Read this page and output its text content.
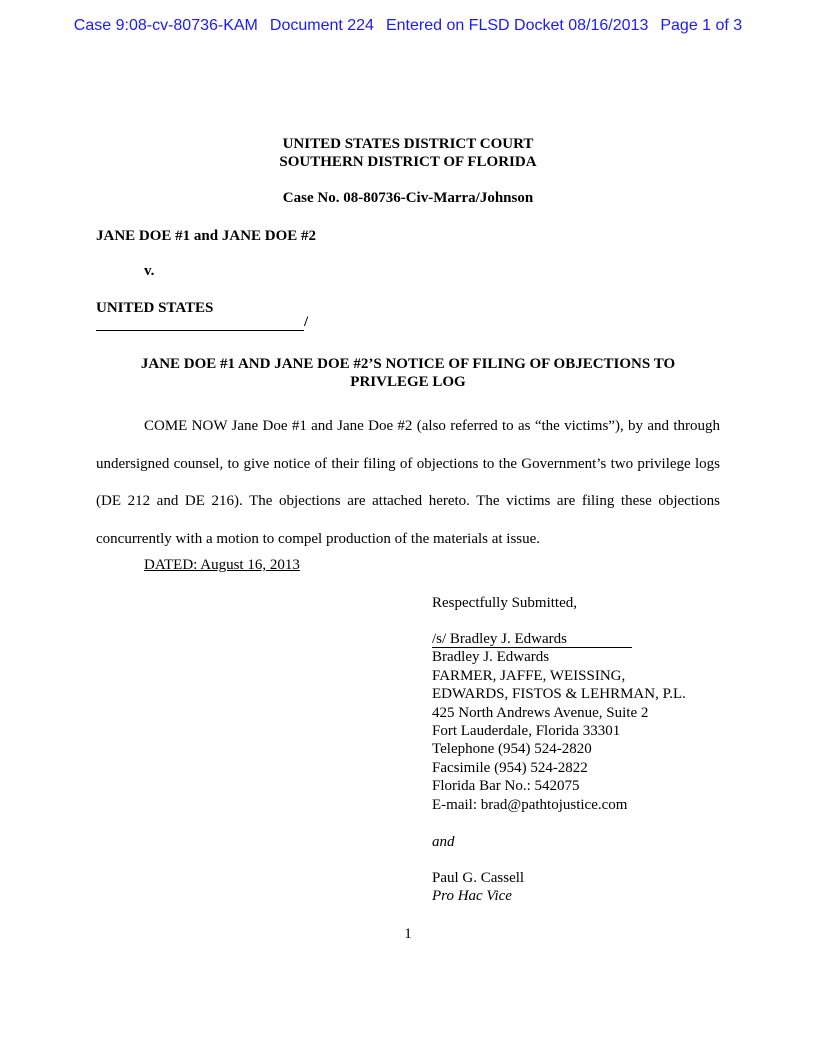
Case 9:08-cv-80736-KAM Document 224 Entered on FLSD Docket 08/16/2013 Page 1 of 3
UNITED STATES DISTRICT COURT
SOUTHERN DISTRICT OF FLORIDA
Case No. 08-80736-Civ-Marra/Johnson
JANE DOE #1 and JANE DOE #2
v.
UNITED STATES
/
JANE DOE #1 AND JANE DOE #2’S NOTICE OF FILING OF OBJECTIONS TO
PRIVLEGE LOG
COME NOW Jane Doe #1 and Jane Doe #2 (also referred to as “the victims”), by and through undersigned counsel, to give notice of their filing of objections to the Government’s two privilege logs (DE 212 and DE 216). The objections are attached hereto. The victims are filing these objections concurrently with a motion to compel production of the materials at issue.
DATED: August 16, 2013
Respectfully Submitted,
/s/ Bradley J. Edwards
Bradley J. Edwards
FARMER, JAFFE, WEISSING,
EDWARDS, FISTOS & LEHRMAN, P.L.
425 North Andrews Avenue, Suite 2
Fort Lauderdale, Florida 33301
Telephone (954) 524-2820
Facsimile (954) 524-2822
Florida Bar No.: 542075
E-mail: brad@pathtojustice.com
and
Paul G. Cassell
Pro Hac Vice
1
